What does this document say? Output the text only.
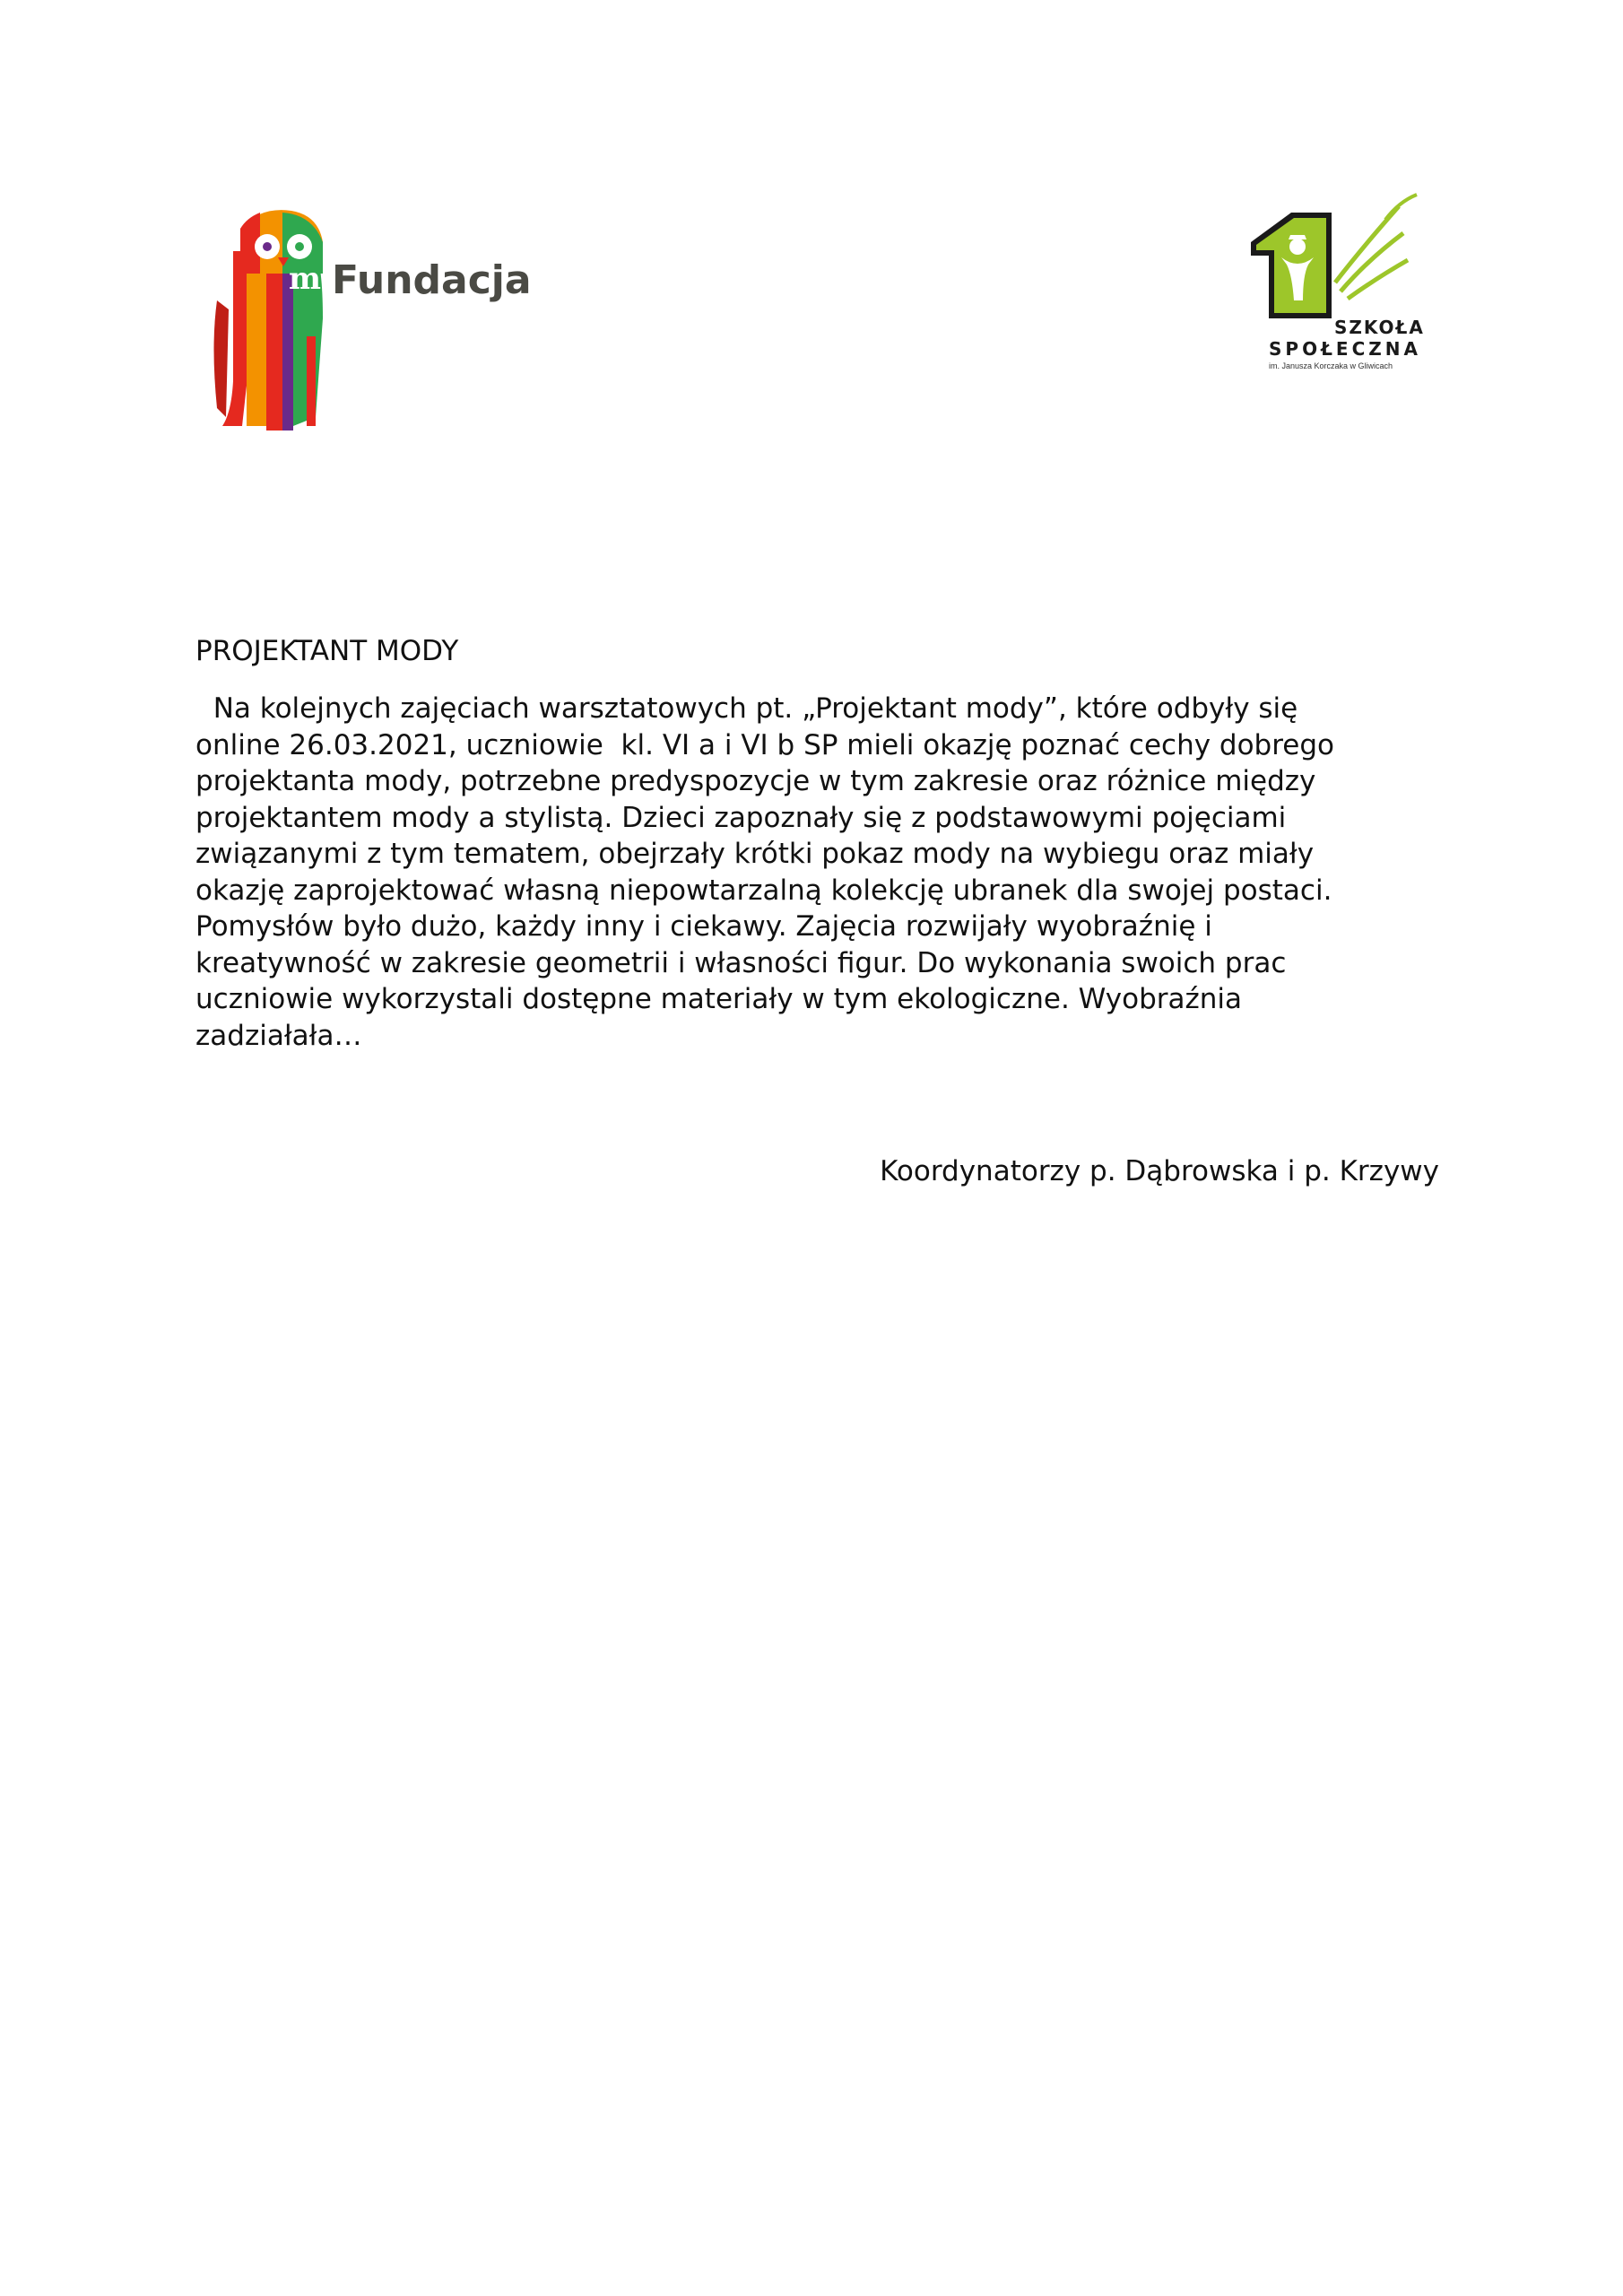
m Fundacja
SZKOŁA
SPOŁECZNA
im. Janusza Korczaka w Gliwicach
PROJEKTANT MODY
Na kolejnych zajęciach warsztatowych pt. „Projektant mody”, które odbyły się
online 26.03.2021, uczniowie  kl. VI a i VI b SP mieli okazję poznać cechy dobrego
projektanta mody, potrzebne predyspozycje w tym zakresie oraz różnice między
projektantem mody a stylistą. Dzieci zapoznały się z podstawowymi pojęciami
związanymi z tym tematem, obejrzały krótki pokaz mody na wybiegu oraz miały
okazję zaprojektować własną niepowtarzalną kolekcję ubranek dla swojej postaci.
Pomysłów było dużo, każdy inny i ciekawy. Zajęcia rozwijały wyobraźnię i
kreatywność w zakresie geometrii i własności figur. Do wykonania swoich prac
uczniowie wykorzystali dostępne materiały w tym ekologiczne. Wyobraźnia
zadziałała…
Koordynatorzy p. Dąbrowska i p. Krzywy
